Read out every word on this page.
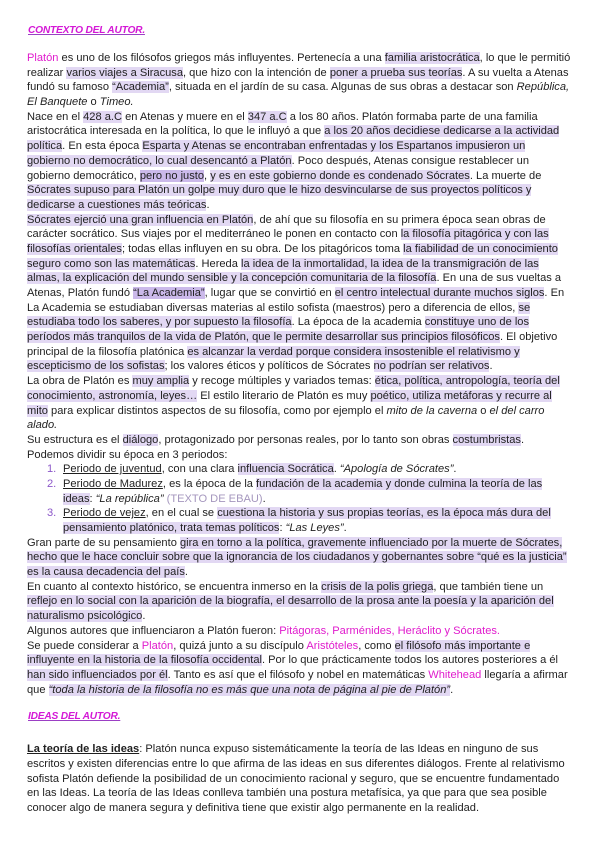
CONTEXTO DEL AUTOR.
Platón es uno de los filósofos griegos más influyentes. Pertenecía a una familia aristocrática, lo que le permitió
realizar varios viajes a Siracusa, que hizo con la intención de poner a prueba sus teorías. A su vuelta a Atenas
fundó su famoso “Academia”, situada en el jardín de su casa. Algunas de sus obras a destacar son República,
El Banquete o Timeo.
Nace en el 428 a.C en Atenas y muere en el 347 a.C a los 80 años. Platón formaba parte de una familia
aristocrática interesada en la política, lo que le influyó a que a los 20 años decidiese dedicarse a la actividad
política. En esta época Esparta y Atenas se encontraban enfrentadas y los Espartanos impusieron un
gobierno no democrático, lo cual desencantó a Platón. Poco después, Atenas consigue restablecer un
gobierno democrático, pero no justo, y es en este gobierno donde es condenado Sócrates. La muerte de
Sócrates supuso para Platón un golpe muy duro que le hizo desvincularse de sus proyectos políticos y
dedicarse a cuestiones más teóricas.
Sócrates ejerció una gran influencia en Platón, de ahí que su filosofía en su primera época sean obras de
carácter socrático. Sus viajes por el mediterráneo le ponen en contacto con la filosofía pitagórica y con las
filosofías orientales; todas ellas influyen en su obra. De los pitagóricos toma la fiabilidad de un conocimiento
seguro como son las matemáticas. Hereda la idea de la inmortalidad, la idea de la transmigración de las
almas, la explicación del mundo sensible y la concepción comunitaria de la filosofía. En una de sus vueltas a
Atenas, Platón fundó “La Academia”, lugar que se convirtió en el centro intelectual durante muchos siglos. En
La Academia se estudiaban diversas materias al estilo sofista (maestros) pero a diferencia de ellos, se
estudiaba todo los saberes, y por supuesto la filosofía. La época de la academia constituye uno de los
períodos más tranquilos de la vida de Platón, que le permite desarrollar sus principios filosóficos. El objetivo
principal de la filosofía platónica es alcanzar la verdad porque considera insostenible el relativismo y
escepticismo de los sofistas; los valores éticos y políticos de Sócrates no podrían ser relativos.
La obra de Platón es muy amplia y recoge múltiples y variados temas: ética, política, antropología, teoría del
conocimiento, astronomía, leyes… El estilo literario de Platón es muy poético, utiliza metáforas y recurre al
mito para explicar distintos aspectos de su filosofía, como por ejemplo el mito de la caverna o el del carro
alado.
Su estructura es el diálogo, protagonizado por personas reales, por lo tanto son obras costumbristas.
Podemos dividir su época en 3 periodos:
1. Periodo de juventud, con una clara influencia Socrática. “Apología de Sócrates”.
2. Periodo de Madurez, es la época de la fundación de la academia y donde culmina la teoría de las
ideas: “La república” (TEXTO DE EBAU).
3. Periodo de vejez, en el cual se cuestiona la historia y sus propias teorías, es la época más dura del
pensamiento platónico, trata temas políticos: “Las Leyes”.
Gran parte de su pensamiento gira en torno a la política, gravemente influenciado por la muerte de Sócrates,
hecho que le hace concluir sobre que la ignorancia de los ciudadanos y gobernantes sobre “qué es la justicia”
es la causa decadencia del país.
En cuanto al contexto histórico, se encuentra inmerso en la crisis de la polis griega, que también tiene un
reflejo en lo social con la aparición de la biografía, el desarrollo de la prosa ante la poesía y la aparición del
naturalismo psicológico.
Algunos autores que influenciaron a Platón fueron: Pitágoras, Parménides, Heráclito y Sócrates.
Se puede considerar a Platón, quizá junto a su discípulo Aristóteles, como el filósofo más importante e
influyente en la historia de la filosofía occidental. Por lo que prácticamente todos los autores posteriores a él
han sido influenciados por él. Tanto es así que el filósofo y nobel en matemáticas Whitehead llegaría a afirmar
que “toda la historia de la filosofía no es más que una nota de página al pie de Platón”.
IDEAS DEL AUTOR.
La teoría de las ideas: Platón nunca expuso sistemáticamente la teoría de las Ideas en ninguno de sus
escritos y existen diferencias entre lo que afirma de las ideas en sus diferentes diálogos. Frente al relativismo
sofista Platón defiende la posibilidad de un conocimiento racional y seguro, que se encuentre fundamentado
en las Ideas. La teoría de las Ideas conlleva también una postura metafísica, ya que para que sea posible
conocer algo de manera segura y definitiva tiene que existir algo permanente en la realidad.
